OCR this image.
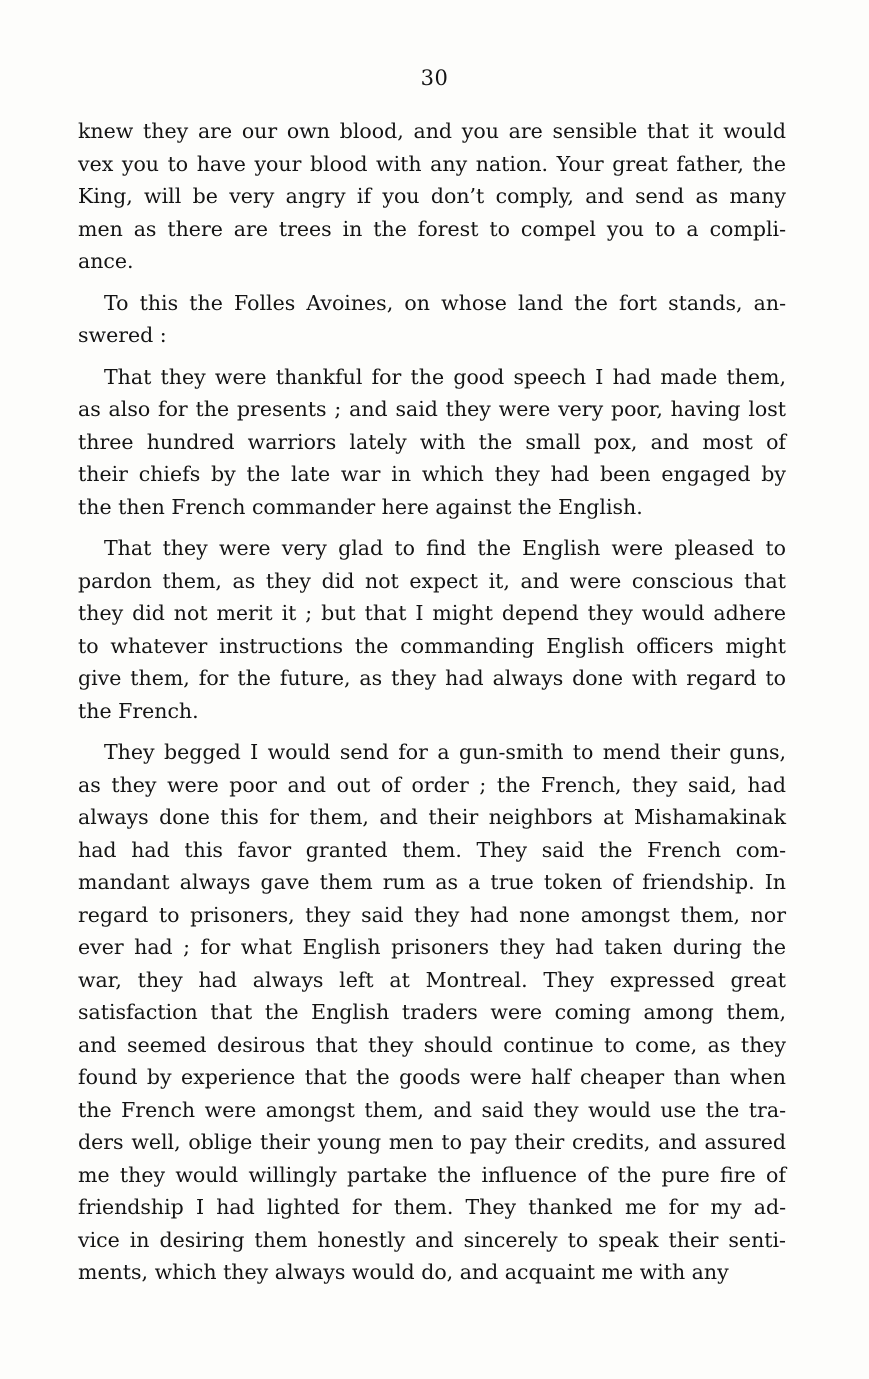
30

knew they are our own blood, and you are sensible that it would
vex you to have your blood with any nation. Your great father, the
King, will be very angry if you don’t comply, and send as many
men as there are trees in the forest to compel you to a compli-
ance.

To this the Folles Avoines, on whose land the fort stands, an-
swered :

That they were thankful for the good speech I had made them,
as also for the presents ; and said they were very poor, having lost
three hundred warriors lately with the small pox, and most of
their chiefs by the late war in which they had been engaged by
the then French commander here against the English.

That they were very glad to find the English were pleased to
pardon them, as they did not expect it, and were conscious that
they did not merit it ; but that I might depend they would adhere
to whatever instructions the commanding English officers might
give them, for the future, as they had always done with regard to
the French.

They begged I would send for a gun-smith to mend their guns,
as they were poor and out of order ; the French, they said, had
always done this for them, and their neighbors at Mishamakinak
had had this favor granted them. They said the French com-
mandant always gave them rum as a true token of friendship. In
regard to prisoners, they said they had none amongst them, nor
ever had ; for what English prisoners they had taken during the
war, they had always left at Montreal. They expressed great
satisfaction that the English traders were coming among them,
and seemed desirous that they should continue to come, as they
found by experience that the goods were half cheaper than when
the French were amongst them, and said they would use the tra-
ders well, oblige their young men to pay their credits, and assured
me they would willingly partake the influence of the pure fire of
friendship I had lighted for them. They thanked me for my ad-
vice in desiring them honestly and sincerely to speak their senti-
ments, which they always would do, and acquaint me with any
